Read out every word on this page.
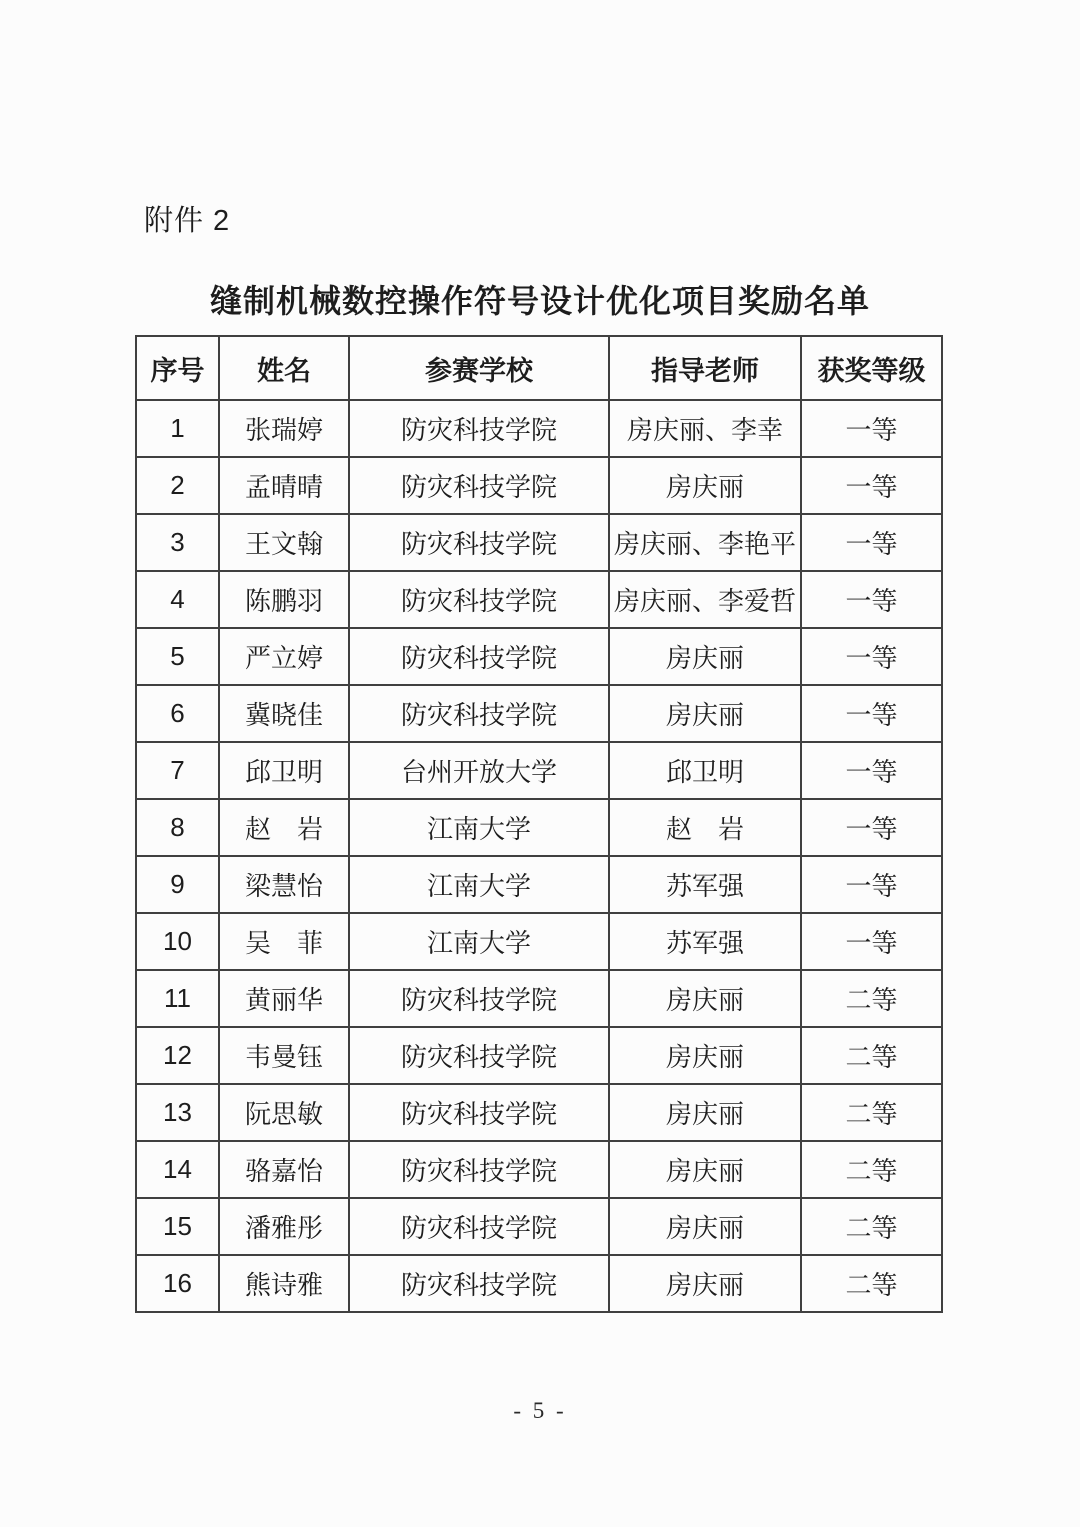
附件 2
缝制机械数控操作符号设计优化项目奖励名单
序号	姓名	参赛学校	指导老师	获奖等级
1	张瑞婷	防灾科技学院	房庆丽、李幸	一等
2	孟晴晴	防灾科技学院	房庆丽	一等
3	王文翰	防灾科技学院	房庆丽、李艳平	一等
4	陈鹏羽	防灾科技学院	房庆丽、李爱哲	一等
5	严立婷	防灾科技学院	房庆丽	一等
6	冀晓佳	防灾科技学院	房庆丽	一等
7	邱卫明	台州开放大学	邱卫明	一等
8	赵　岩	江南大学	赵　岩	一等
9	梁慧怡	江南大学	苏军强	一等
10	吴　菲	江南大学	苏军强	一等
11	黄丽华	防灾科技学院	房庆丽	二等
12	韦曼钰	防灾科技学院	房庆丽	二等
13	阮思敏	防灾科技学院	房庆丽	二等
14	骆嘉怡	防灾科技学院	房庆丽	二等
15	潘雅彤	防灾科技学院	房庆丽	二等
16	熊诗雅	防灾科技学院	房庆丽	二等
- 5 -
